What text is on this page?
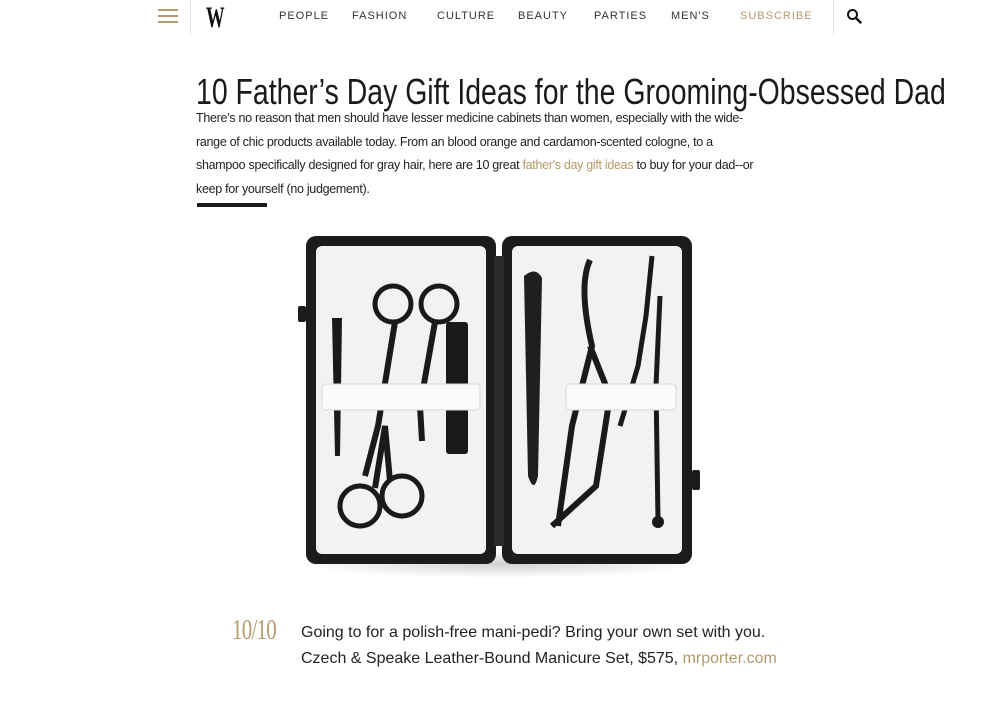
W	PEOPLE FASHION	CULTURE BEAUTY PARTIES MEN'S	SUBSCRIBE
10 Father’s Day Gift Ideas for the Grooming-Obsessed Dad

There’s no reason that men should have lesser medicine cabinets than women, especially with the wide-range of chic products available today. From an blood orange and cardamon-scented cologne, to a shampoo specifically designed for gray hair, here are 10 great father's day gift ideas to buy for your dad--or keep for yourself (no judgement).

10/10 Going to for a polish-free mani-pedi? Bring your own set with you.
Czech & Speake Leather-Bound Manicure Set, $575, mrporter.com
